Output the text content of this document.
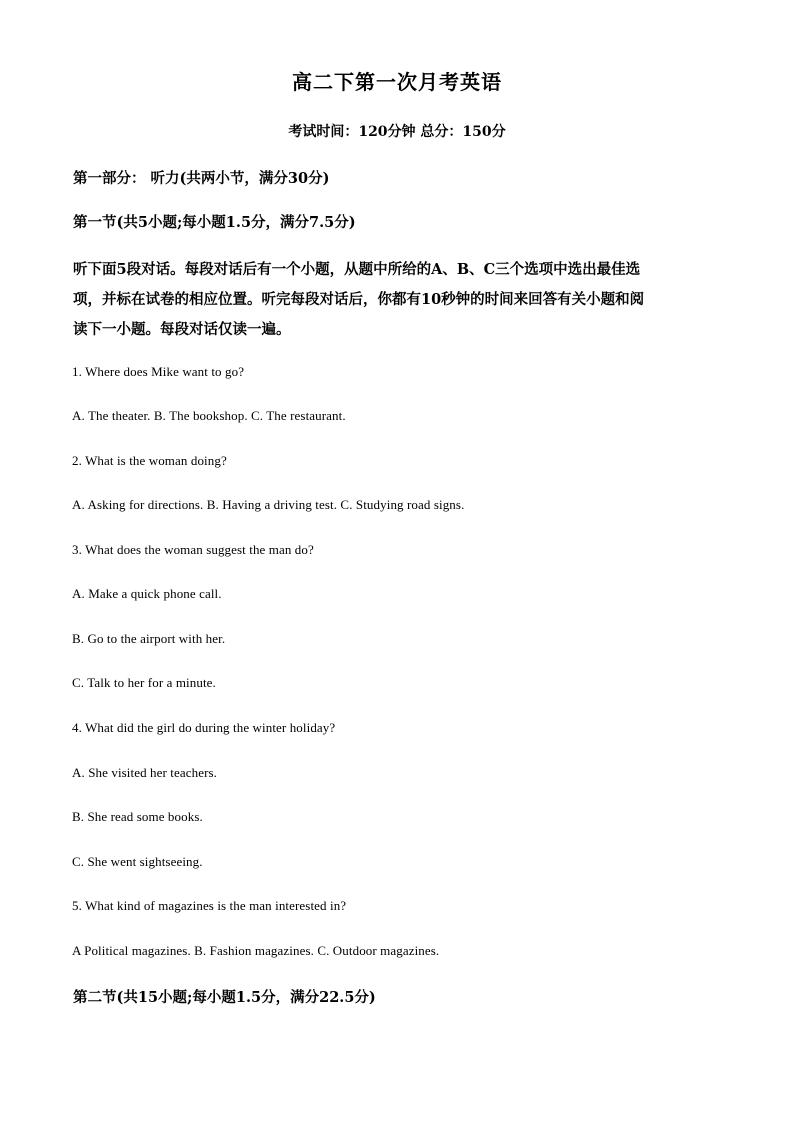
高二下第一次月考英语
考试时间：120分钟 总分：150分
第一部分： 听力(共两小节，满分30分)
第一节(共5小题;每小题1.5分，满分7.5分)
听下面5段对话。每段对话后有一个小题，从题中所给的A、B、C三个选项中选出最佳选
项，并标在试卷的相应位置。听完每段对话后，你都有10秒钟的时间来回答有关小题和阅
读下一小题。每段对话仅读一遍。
1. Where does Mike want to go?
A. The theater. B. The bookshop. C. The restaurant.
2. What is the woman doing?
A. Asking for directions. B. Having a driving test. C. Studying road signs.
3. What does the woman suggest the man do?
A. Make a quick phone call.
B. Go to the airport with her.
C. Talk to her for a minute.
4. What did the girl do during the winter holiday?
A. She visited her teachers.
B. She read some books.
C. She went sightseeing.
5. What kind of magazines is the man interested in?
A Political magazines. B. Fashion magazines. C. Outdoor magazines.
第二节(共15小题;每小题1.5分，满分22.5分)
